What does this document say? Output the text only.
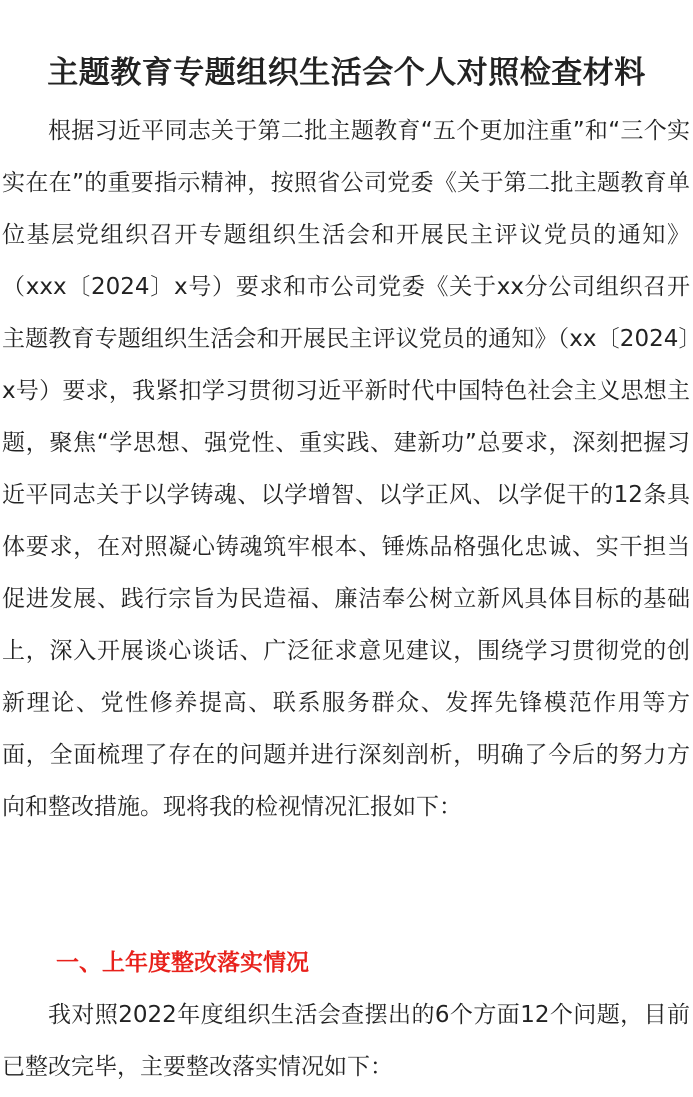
主题教育专题组织生活会个人对照检查材料

根据习近平同志关于第二批主题教育“五个更加注重”和“三个实实在在”的重要指示精神，按照省公司党委《关于第二批主题教育单位基层党组织召开专题组织生活会和开展民主评议党员的通知》（xxx〔2024〕x号）要求和市公司党委《关于xx分公司组织召开主题教育专题组织生活会和开展民主评议党员的通知》（xx〔2024〕x号）要求，我紧扣学习贯彻习近平新时代中国特色社会主义思想主题，聚焦“学思想、强党性、重实践、建新功”总要求，深刻把握习近平同志关于以学铸魂、以学增智、以学正风、以学促干的12条具体要求，在对照凝心铸魂筑牢根本、锤炼品格强化忠诚、实干担当促进发展、践行宗旨为民造福、廉洁奉公树立新风具体目标的基础上，深入开展谈心谈话、广泛征求意见建议，围绕学习贯彻党的创新理论、党性修养提高、联系服务群众、发挥先锋模范作用等方面，全面梳理了存在的问题并进行深刻剖析，明确了今后的努力方向和整改措施。现将我的检视情况汇报如下：

一、上年度整改落实情况

我对照2022年度组织生活会查摆出的6个方面12个问题，目前已整改完毕，主要整改落实情况如下：
